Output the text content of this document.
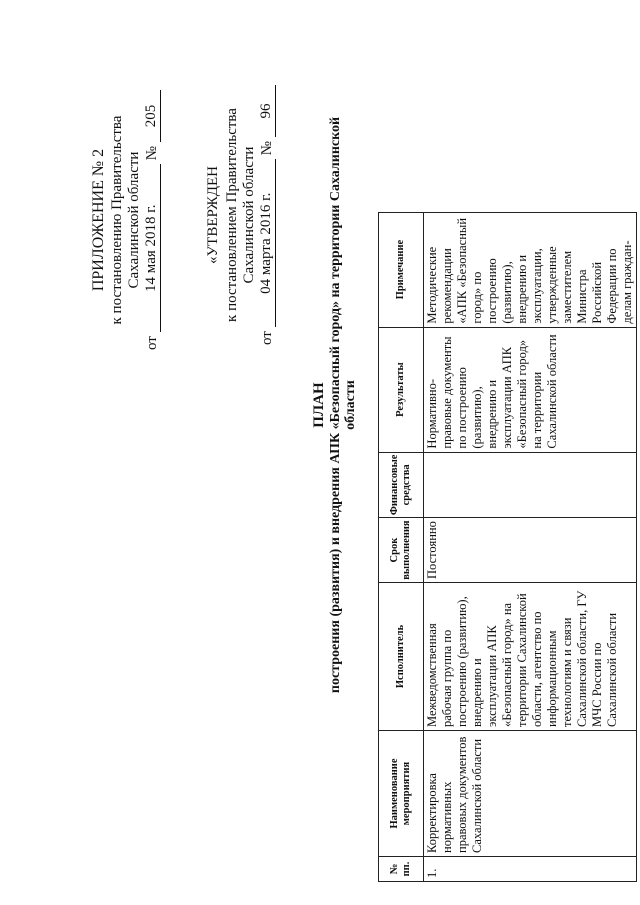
ПРИЛОЖЕНИЕ № 2 к постановлению Правительства Сахалинской области
от
14 мая 2018 г.
№
205
«УТВЕРЖДЕН к постановлением Правительства Сахалинской области
от
04 марта 2016 г.
№
96
ПЛАН построения (развития) и внедрения АПК «Безопасный город» на территории Сахалинской области
№ пп.	Наименование мероприятия	Исполнитель	Срок выполнения	Финансовые средства	Результаты	Примечание
1.	Корректировка нормативных правовых документов Сахалинской области	Межведомственная рабочая группа по построению (развитию), внедрению и эксплуатации АПК «Безопасный город» на территории Сахалинской области, агентство по информационным технологиям и связи Сахалинской области, ГУ МЧС России по Сахалинской области	Постоянно		Нормативно-правовые документы по построению (развитию), внедрению и эксплуатации АПК «Безопасный город» на территории Сахалинской области	Методические рекомендации «АПК «Безопасный город» по построению (развитию), внедрению и эксплуатации, утвержденные заместителем Министра Российской Федерации по делам граждан-
